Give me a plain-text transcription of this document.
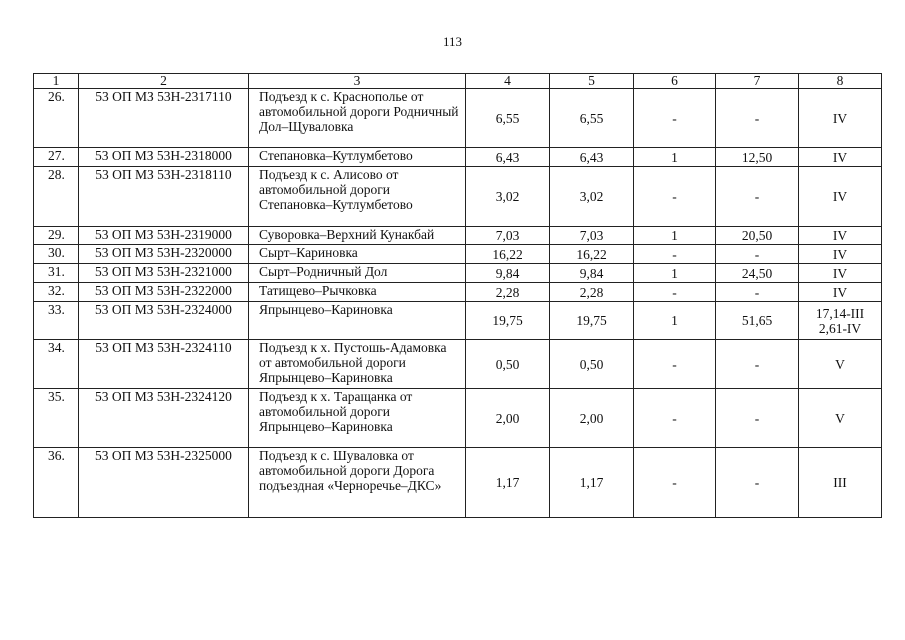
113
1	2	3	4	5	6	7	8
26.	53 ОП МЗ 53Н-2317110	Подъезд к с. Краснополье от автомобильной дороги Родничный Дол–Щуваловка	6,55	6,55	-	-	IV
27.	53 ОП МЗ 53Н-2318000	Степановка–Кутлумбетово	6,43	6,43	1	12,50	IV
28.	53 ОП МЗ 53Н-2318110	Подъезд к с. Алисово от автомобильной дороги Степановка–Кутлумбетово	3,02	3,02	-	-	IV
29.	53 ОП МЗ 53Н-2319000	Суворовка–Верхний Кунакбай	7,03	7,03	1	20,50	IV
30.	53 ОП МЗ 53Н-2320000	Сырт–Кариновка	16,22	16,22	-	-	IV
31.	53 ОП МЗ 53Н-2321000	Сырт–Родничный Дол	9,84	9,84	1	24,50	IV
32.	53 ОП МЗ 53Н-2322000	Татищево–Рычковка	2,28	2,28	-	-	IV
33.	53 ОП МЗ 53Н-2324000	Япрынцево–Кариновка	19,75	19,75	1	51,65	17,14-III
2,61-IV
34.	53 ОП МЗ 53Н-2324110	Подъезд к х. Пустошь-Адамовка от автомобильной дороги Япрынцево–Кариновка	0,50	0,50	-	-	V
35.	53 ОП МЗ 53Н-2324120	Подъезд к х. Таращанка от автомобильной дороги Япрынцево–Кариновка	2,00	2,00	-	-	V
36.	53 ОП МЗ 53Н-2325000	Подъезд к с. Шуваловка от автомобильной дороги Дорога подъездная «Черноречье–ДКС»	1,17	1,17	-	-	III
